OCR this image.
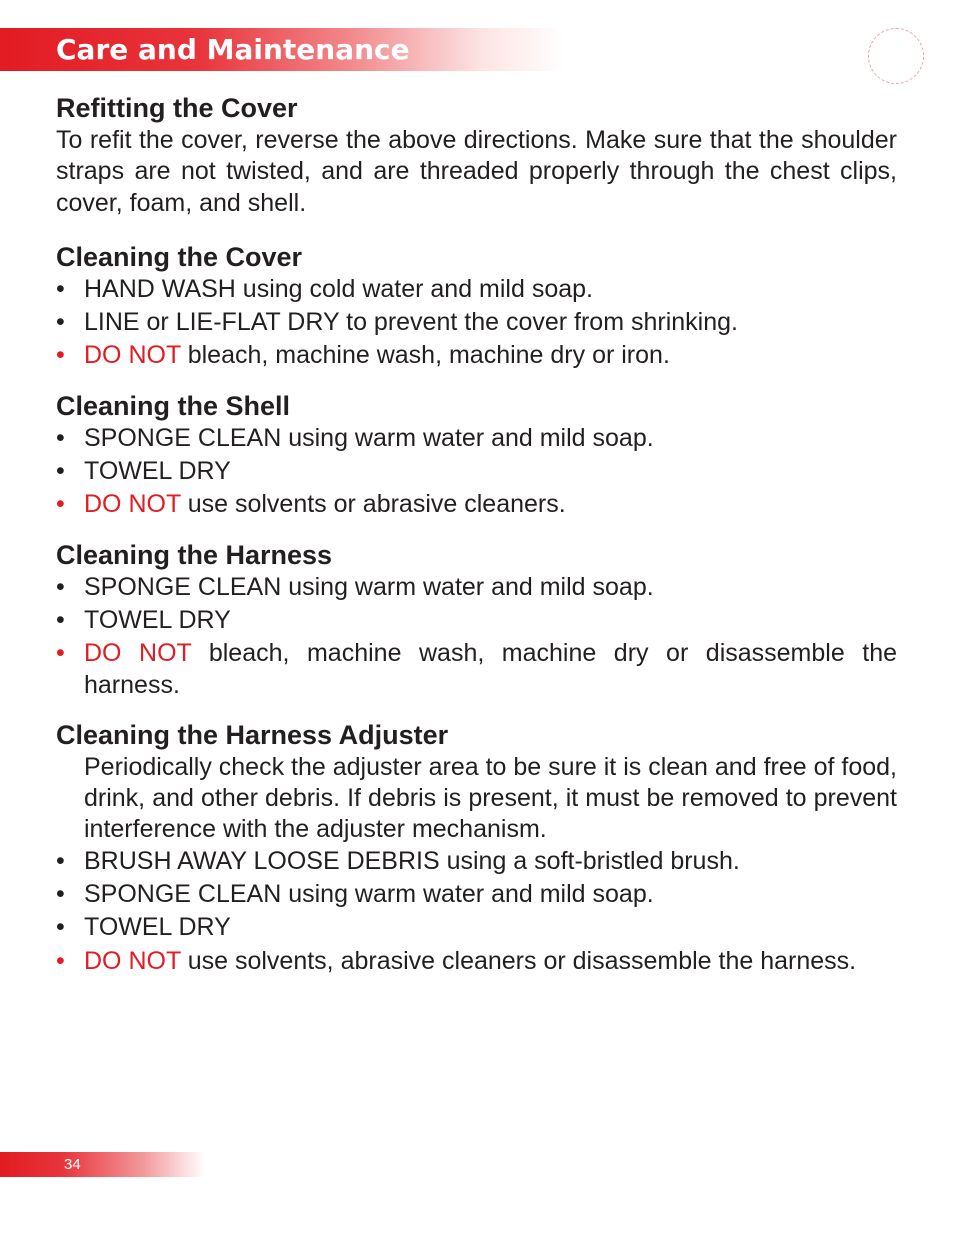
Care and Maintenance
Refitting the Cover

To refit the cover, reverse the above directions. Make sure that the shoulder straps are not twisted, and are threaded properly through the chest clips, cover, foam, and shell.

Cleaning the Cover
• HAND WASH using cold water and mild soap.
• LINE or LIE-FLAT DRY to prevent the cover from shrinking.
• DO NOT bleach, machine wash, machine dry or iron.
Cleaning the Shell
• SPONGE CLEAN using warm water and mild soap.
• TOWEL DRY
• DO NOT use solvents or abrasive cleaners.
Cleaning the Harness
• SPONGE CLEAN using warm water and mild soap.
• TOWEL DRY
• DO NOT bleach, machine wash, machine dry or disassemble the harness.
Cleaning the Harness Adjuster

Periodically check the adjuster area to be sure it is clean and free of food, drink, and other debris. If debris is present, it must be removed to prevent interference with the adjuster mechanism.

• BRUSH AWAY LOOSE DEBRIS using a soft-bristled brush.
• SPONGE CLEAN using warm water and mild soap.
• TOWEL DRY
• DO NOT use solvents, abrasive cleaners or disassemble the harness.
34
